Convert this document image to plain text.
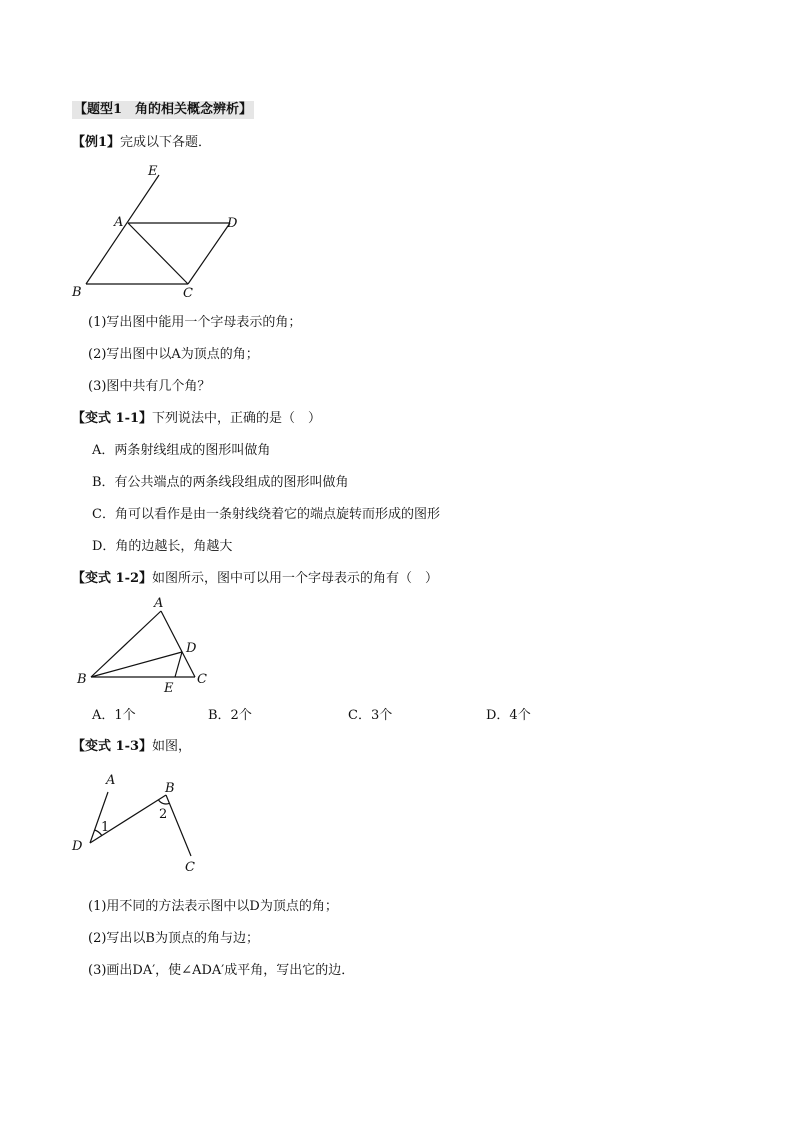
【题型1　角的相关概念辨析】
【例1】完成以下各题．
E
A	D
B	C
(1)写出图中能用一个字母表示的角；
(2)写出图中以A为顶点的角；
(3)图中共有几个角？
【变式 1-1】下列说法中，正确的是（　）
A．两条射线组成的图形叫做角
B．有公共端点的两条线段组成的图形叫做角
C．角可以看作是由一条射线绕着它的端点旋转而形成的图形
D．角的边越长，角越大
【变式 1-2】如图所示，图中可以用一个字母表示的角有（　）
A
D
B
E
C
A．1个	B．2个	C．3个	D．4个
【变式 1-3】如图，
A
B
D
C
1
2
(1)用不同的方法表示图中以D为顶点的角；
(2)写出以B为顶点的角与边；
(3)画出DA′，使∠ADA′成平角，写出它的边．
